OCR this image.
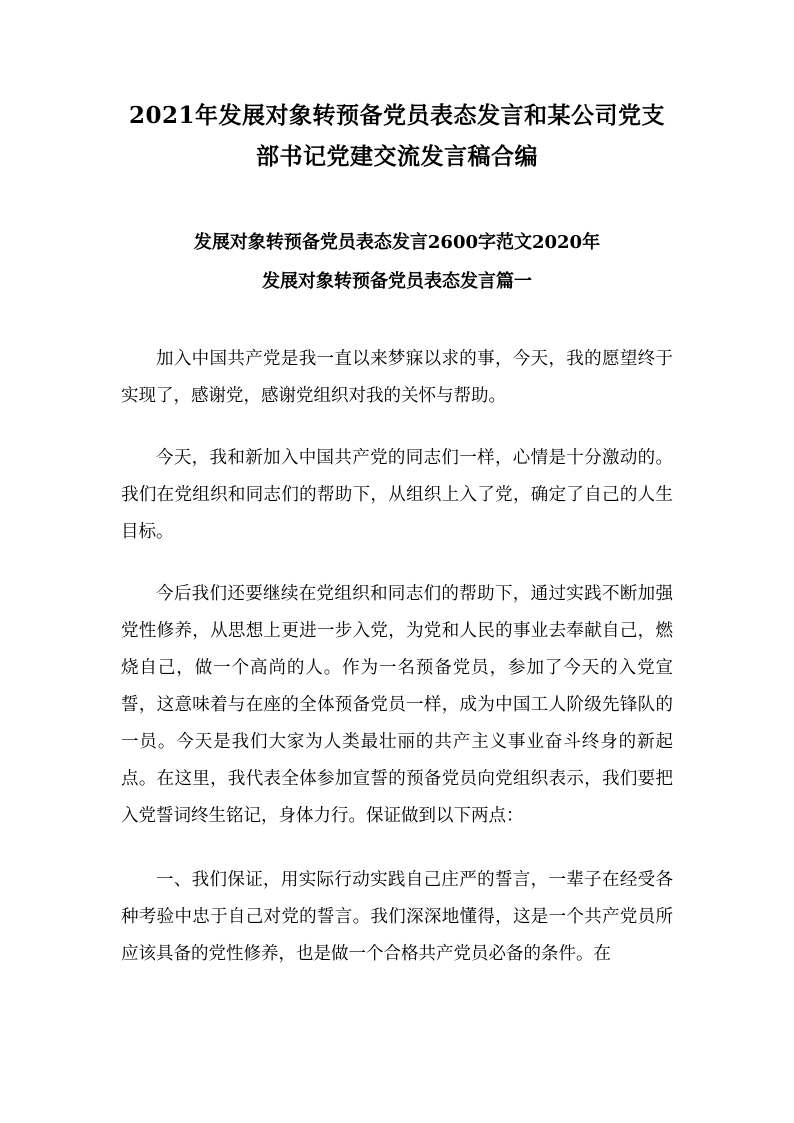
2021年发展对象转预备党员表态发言和某公司党支
部书记党建交流发言稿合编
发展对象转预备党员表态发言2600字范文2020年
发展对象转预备党员表态发言篇一

加入中国共产党是我一直以来梦寐以求的事，今天，我的愿望终于实现了，感谢党，感谢党组织对我的关怀与帮助。

今天，我和新加入中国共产党的同志们一样，心情是十分激动的。我们在党组织和同志们的帮助下，从组织上入了党，确定了自己的人生目标。

今后我们还要继续在党组织和同志们的帮助下，通过实践不断加强党性修养，从思想上更进一步入党，为党和人民的事业去奉献自己，燃烧自己，做一个高尚的人。作为一名预备党员，参加了今天的入党宣誓，这意味着与在座的全体预备党员一样，成为中国工人阶级先锋队的一员。今天是我们大家为人类最壮丽的共产主义事业奋斗终身的新起点。在这里，我代表全体参加宣誓的预备党员向党组织表示，我们要把入党誓词终生铭记，身体力行。保证做到以下两点：

一、我们保证，用实际行动实践自己庄严的誓言，一辈子在经受各种考验中忠于自己对党的誓言。我们深深地懂得，这是一个共产党员所应该具备的党性修养，也是做一个合格共产党员必备的条件。在
